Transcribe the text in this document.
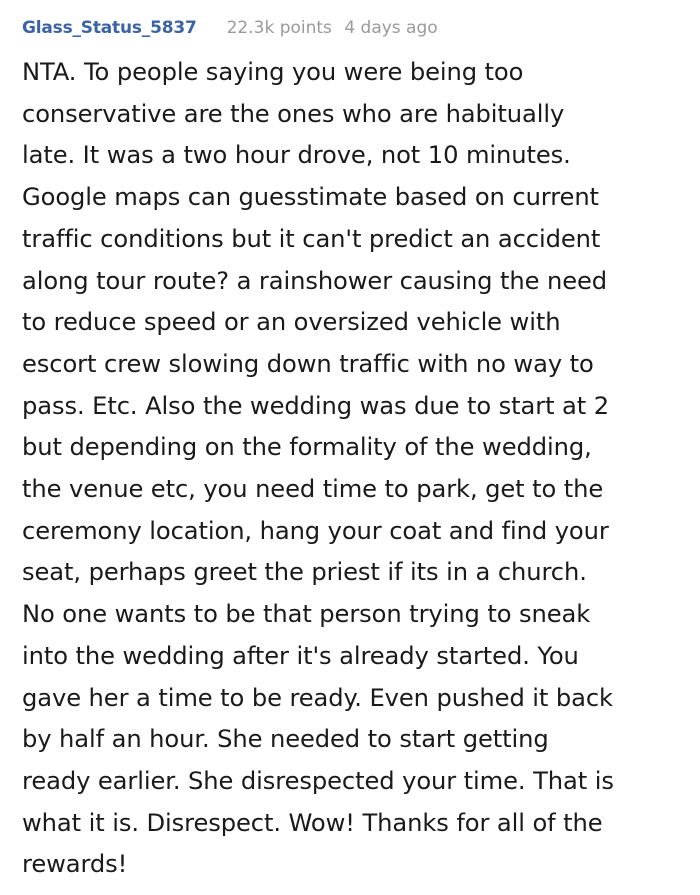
Glass_Status_5837 22.3k points 4 days ago
NTA. To people saying you were being too
conservative are the ones who are habitually
late. It was a two hour drove, not 10 minutes.
Google maps can guesstimate based on current
traffic conditions but it can't predict an accident
along tour route? a rainshower causing the need
to reduce speed or an oversized vehicle with
escort crew slowing down traffic with no way to
pass. Etc. Also the wedding was due to start at 2
but depending on the formality of the wedding,
the venue etc, you need time to park, get to the
ceremony location, hang your coat and find your
seat, perhaps greet the priest if its in a church.
No one wants to be that person trying to sneak
into the wedding after it's already started. You
gave her a time to be ready. Even pushed it back
by half an hour. She needed to start getting
ready earlier. She disrespected your time. That is
what it is. Disrespect. Wow! Thanks for all of the
rewards!
